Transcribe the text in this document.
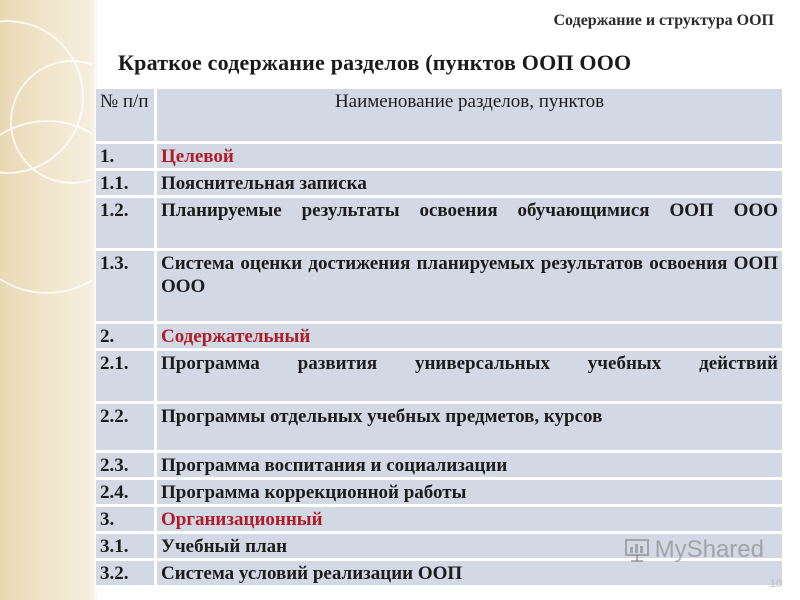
Содержание и структура ООП
Краткое содержание разделов (пунктов ООП ООО
№ п/п	Наименование разделов, пунктов
1.	Целевой
1.1.	Пояснительная записка
1.2.	Планируемые результаты освоения обучающимися ООП ООО
1.3.	Система оценки достижения планируемых результатов освоения ООП ООО
2.	Содержательный
2.1.	Программа развития универсальных учебных действий
2.2.	Программы отдельных учебных предметов, курсов
2.3.	Программа воспитания и социализации
2.4.	Программа коррекционной работы
3.	Организационный
3.1.	Учебный план
3.2.	Система условий реализации ООП
MyShared
10
